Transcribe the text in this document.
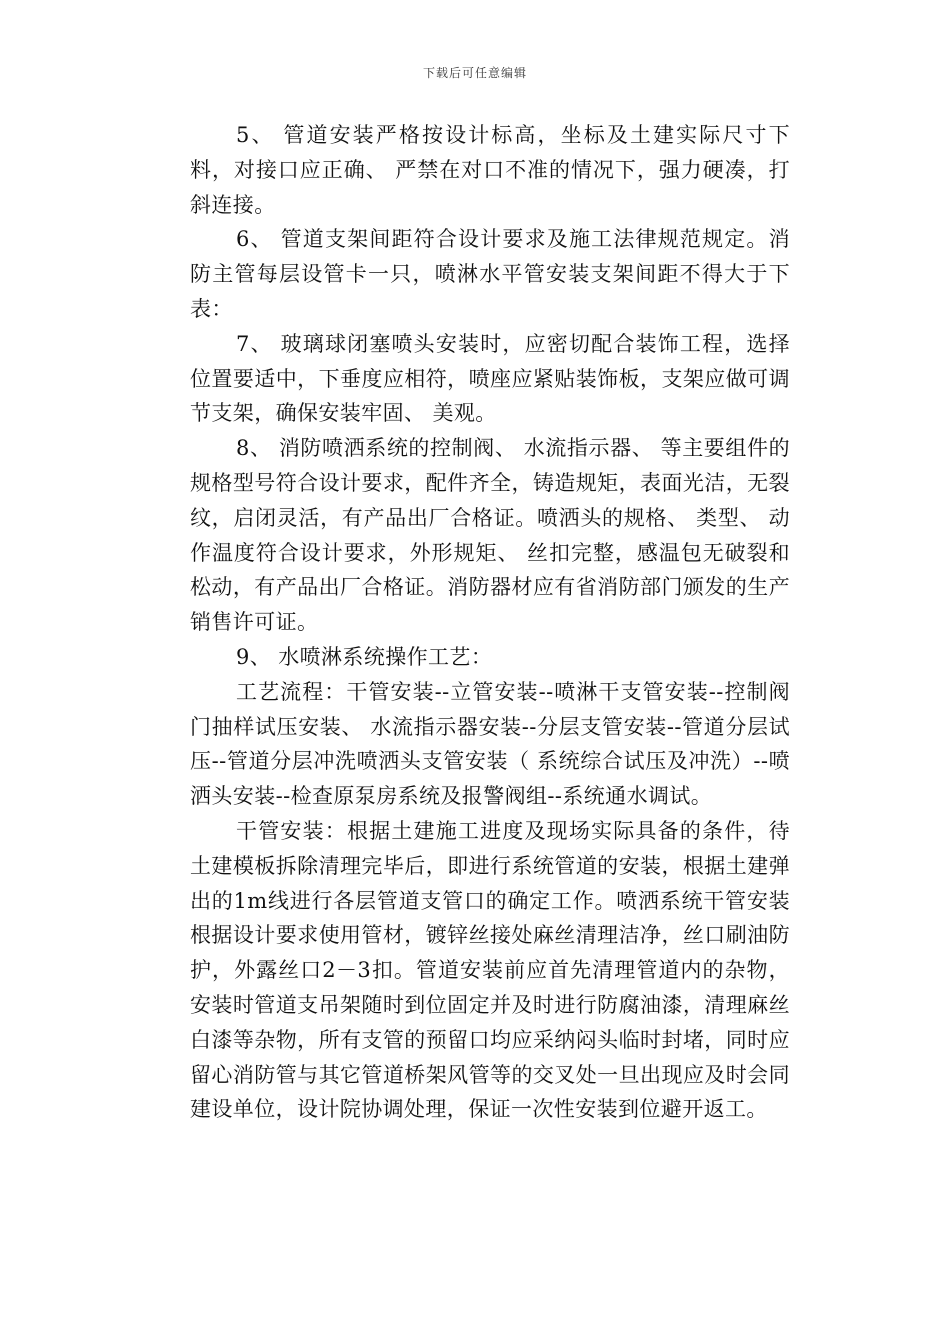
下载后可任意编辑

5、 管道安装严格按设计标高，坐标及土建实际尺寸下料，对接口应正确、 严禁在对口不准的情况下，强力硬凑，打斜连接。

6、 管道支架间距符合设计要求及施工法律规范规定。消防主管每层设管卡一只，喷淋水平管安装支架间距不得大于下表：

7、 玻璃球闭塞喷头安装时，应密切配合装饰工程，选择位置要适中，下垂度应相符，喷座应紧贴装饰板，支架应做可调节支架，确保安装牢固、 美观。

8、 消防喷洒系统的控制阀、 水流指示器、 等主要组件的规格型号符合设计要求，配件齐全，铸造规矩，表面光洁，无裂纹，启闭灵活，有产品出厂合格证。喷洒头的规格、 类型、 动作温度符合设计要求，外形规矩、 丝扣完整，感温包无破裂和松动，有产品出厂合格证。消防器材应有省消防部门颁发的生产销售许可证。

9、 水喷淋系统操作工艺：

工艺流程：干管安装--立管安装--喷淋干支管安装--控制阀门抽样试压安装、 水流指示器安装--分层支管安装--管道分层试压--管道分层冲洗喷洒头支管安装（ 系统综合试压及冲洗）--喷洒头安装--检查原泵房系统及报警阀组--系统通水调试。

干管安装：根据土建施工进度及现场实际具备的条件，待土建模板拆除清理完毕后，即进行系统管道的安装，根据土建弹出的1m线进行各层管道支管口的确定工作。喷洒系统干管安装根据设计要求使用管材，镀锌丝接处麻丝清理洁净，丝口刷油防护，外露丝口2－3扣。管道安装前应首先清理管道内的杂物，安装时管道支吊架随时到位固定并及时进行防腐油漆，清理麻丝白漆等杂物，所有支管的预留口均应采纳闷头临时封堵，同时应留心消防管与其它管道桥架风管等的交叉处一旦出现应及时会同建设单位，设计院协调处理，保证一次性安装到位避开返工。
